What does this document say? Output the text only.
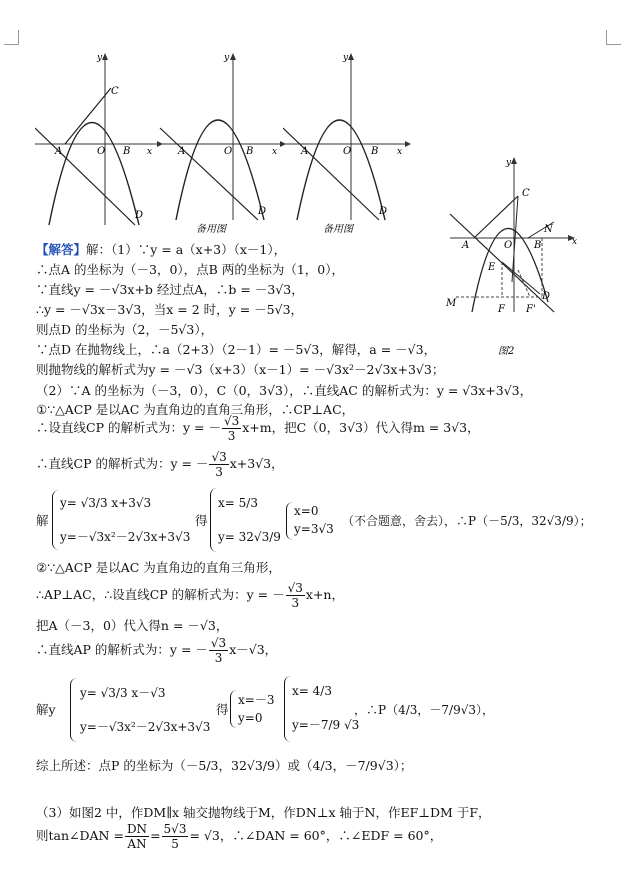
A	O B x
y
C
D
A	O B x
y
D
备用图
A	O B x
y
D
备用图
A	O B	x
y
C
N
E
D
M
F F'
图2
【解答】解：（1）∵y = a（x+3）（x－1），
∴点A 的坐标为（－3，0），点B 两的坐标为（1，0），
∵直线y = －√3x+b 经过点A，∴b = －3√3，
∴y = －√3x－3√3，当x = 2 时，y = －5√3，
则点D 的坐标为（2，－5√3），
∵点D 在抛物线上，∴a（2+3）（2－1）= －5√3，解得，a = －√3，
则抛物线的解析式为y = －√3（x+3）（x－1）= －√3x²－2√3x+3√3；
（2）∵A 的坐标为（－3，0），C（0，3√3），∴直线AC 的解析式为：y = √3x+3√3，
①∵△ACP 是以AC 为直角边的直角三角形，∴CP⊥AC，
∴设直线CP 的解析式为：y = － $\frac{√3}{3} x+m$，把C（0，3√3）代入得m = 3√3，
∴直线CP 的解析式为：y = － $\frac{√3}{3} x+3√3$，
解
y= √3/3 x+3√3
y=－√3x²－2√3x+3√3
得
x= 5/3
y= 32√3/9
x=0
y=3√3
（不合题意，舍去），∴P（－5/3，32√3/9）；
②∵△ACP 是以AC 为直角边的直角三角形，
∴AP⊥AC，∴设直线CP 的解析式为：y = － $\frac{√3}{3} x+n$，
把A（－3，0）代入得n = －√3，
∴直线AP 的解析式为：y = － $\frac{√3}{3} x-√3$，
解y
y= √3/3 x－√3
y=－√3x²－2√3x+3√3
得
x=－3
y=0
x= 4/3
y=－7/9 √3
，∴P（4/3，－7/9√3），
综上所述：点P 的坐标为（－5/3，32√3/9）或（4/3，－7/9√3）；
（3）如图2 中，作DM∥x 轴交抛物线于M，作DN⊥x 轴于N，作EF⊥DM 于F，
则tan∠DAN = $\frac{DN}{AN} = \frac{5√3}{5} = √3$，∴∠DAN = 60°，∴∠EDF = 60°，
